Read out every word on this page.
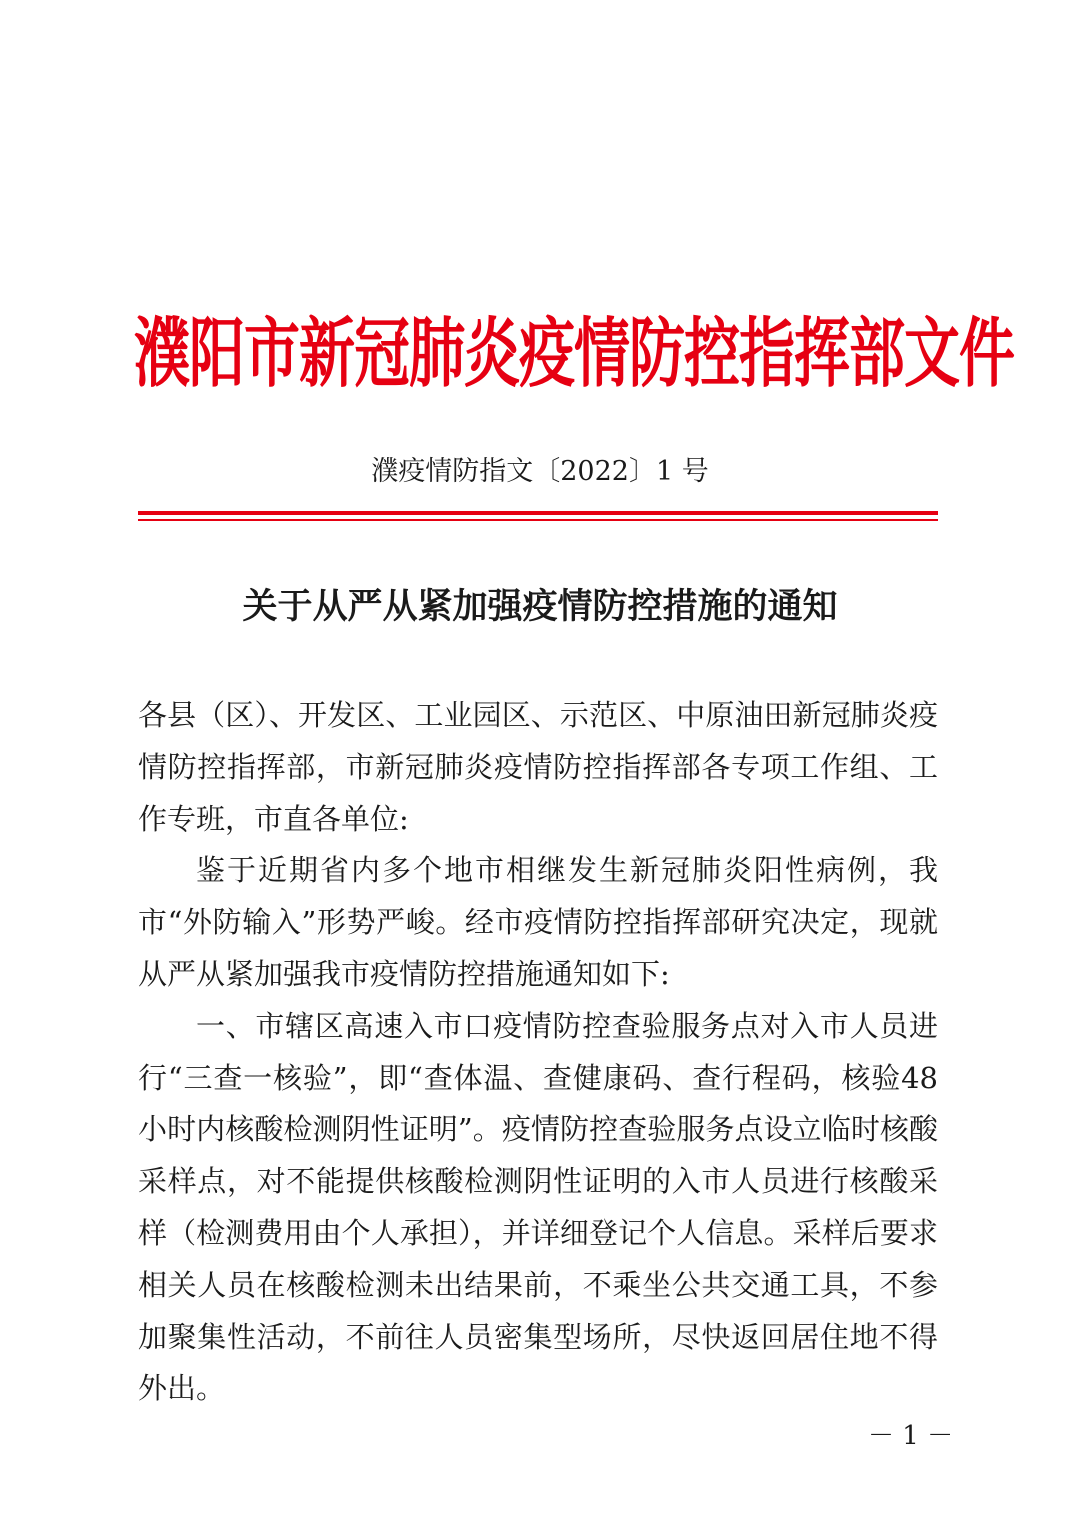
濮阳市新冠肺炎疫情防控指挥部文件
濮疫情防指文〔2022〕1 号
关于从严从紧加强疫情防控措施的通知

各县（区）、开发区、工业园区、示范区、中原油田新冠肺炎疫情防控指挥部，市新冠肺炎疫情防控指挥部各专项工作组、工作专班，市直各单位:

鉴于近期省内多个地市相继发生新冠肺炎阳性病例，我市“外防输入”形势严峻。经市疫情防控指挥部研究决定，现就从严从紧加强我市疫情防控措施通知如下:

一、市辖区高速入市口疫情防控查验服务点对入市人员进行“三查一核验”，即“查体温、查健康码、查行程码，核验48小时内核酸检测阴性证明”。疫情防控查验服务点设立临时核酸采样点，对不能提供核酸检测阴性证明的入市人员进行核酸采样（检测费用由个人承担），并详细登记个人信息。采样后要求相关人员在核酸检测未出结果前，不乘坐公共交通工具，不参加聚集性活动，不前往人员密集型场所，尽快返回居住地不得外出。

－ 1 －
